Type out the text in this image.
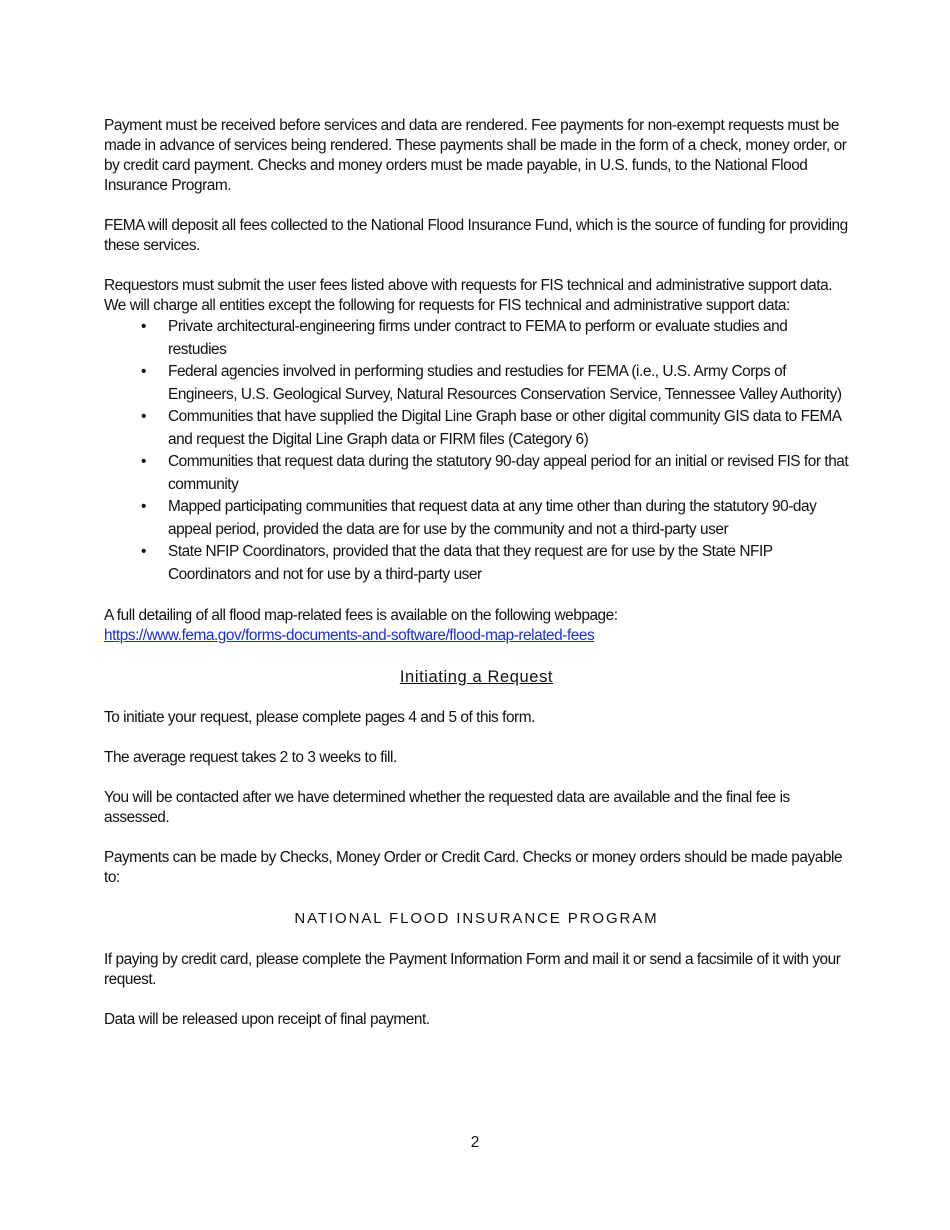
Payment must be received before services and data are rendered. Fee payments for non-exempt requests must be made in advance of services being rendered. These payments shall be made in the form of a check, money order, or by credit card payment. Checks and money orders must be made payable, in U.S. funds, to the National Flood Insurance Program.

FEMA will deposit all fees collected to the National Flood Insurance Fund, which is the source of funding for providing these services.

Requestors must submit the user fees listed above with requests for FIS technical and administrative support data. We will charge all entities except the following for requests for FIS technical and administrative support data:

• Private architectural-engineering firms under contract to FEMA to perform or evaluate studies and restudies
• Federal agencies involved in performing studies and restudies for FEMA (i.e., U.S. Army Corps of Engineers, U.S. Geological Survey, Natural Resources Conservation Service, Tennessee Valley Authority)
• Communities that have supplied the Digital Line Graph base or other digital community GIS data to FEMA and request the Digital Line Graph data or FIRM files (Category 6)
• Communities that request data during the statutory 90-day appeal period for an initial or revised FIS for that community
• Mapped participating communities that request data at any time other than during the statutory 90-day appeal period, provided the data are for use by the community and not a third-party user
• State NFIP Coordinators, provided that the data that they request are for use by the State NFIP Coordinators and not for use by a third-party user

A full detailing of all flood map-related fees is available on the following webpage:
https://www.fema.gov/forms-documents-and-software/flood-map-related-fees

Initiating a Request

To initiate your request, please complete pages 4 and 5 of this form.

The average request takes 2 to 3 weeks to fill.

You will be contacted after we have determined whether the requested data are available and the final fee is assessed.

Payments can be made by Checks, Money Order or Credit Card. Checks or money orders should be made payable to:

NATIONAL FLOOD INSURANCE PROGRAM

If paying by credit card, please complete the Payment Information Form and mail it or send a facsimile of it with your request.

Data will be released upon receipt of final payment.

2
